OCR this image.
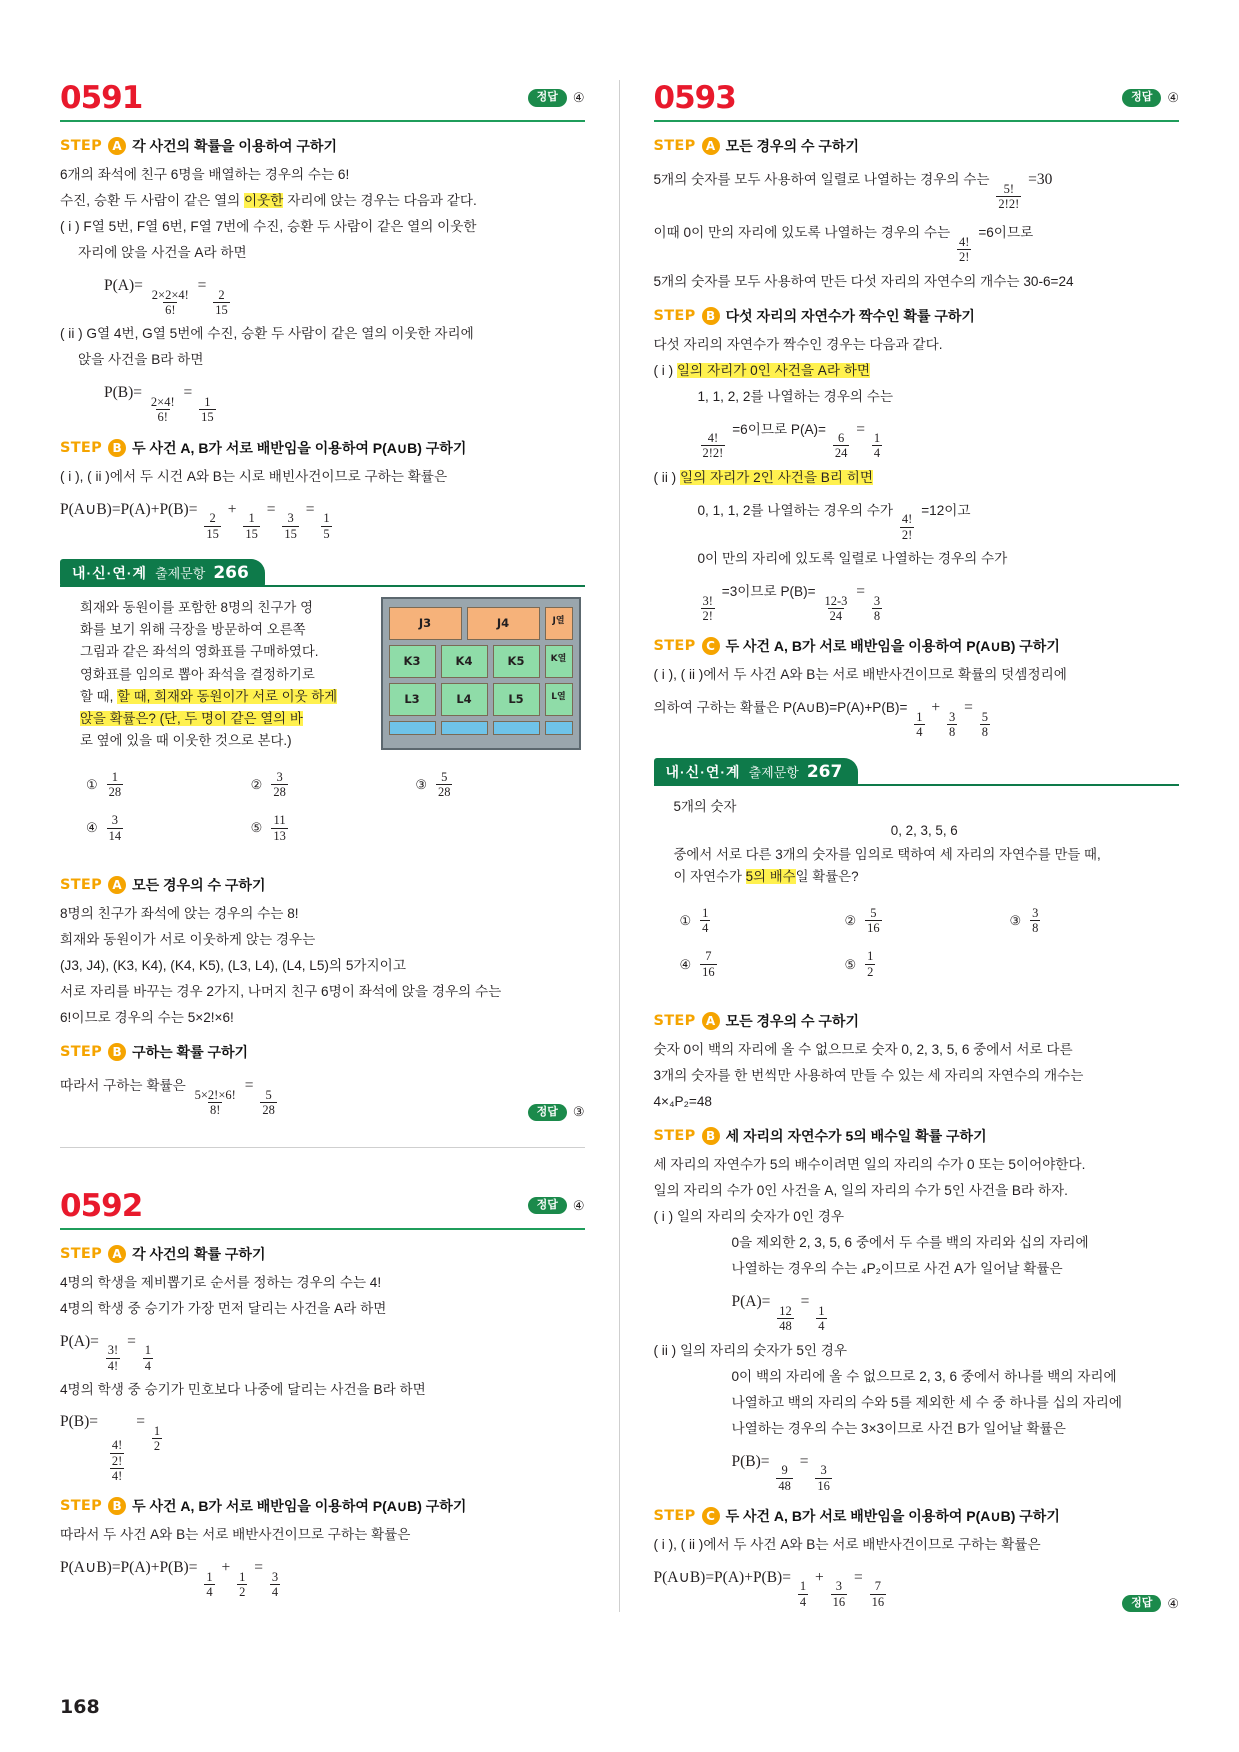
0591	정답	④
STEP A 각 사건의 확률을 이용하여 구하기

6개의 좌석에 친구 6명을 배열하는 경우의 수는 6!

수진, 승환 두 사람이 같은 열의 이웃한 자리에 앉는 경우는 다음과 같다.

( i ) F열 5번, F열 6번, F열 7번에 수진, 승환 두 사람이 같은 열의 이웃한

자리에 앉을 사건을 A라 하면

P(A)=
$\frac{2\times 2\times 4!}{6!}$
=
$\frac{2}{15}$

( ii ) G열 4번, G열 5번에 수진, 승환 두 사람이 같은 열의 이웃한 자리에

앉을 사건을 B라 하면

P(B)=
$\frac{2\times 4!}{6!}$
=
$\frac{1}{15}$
STEP B 두 사건 A, B가 서로 배반임을 이용하여 P(A∪B) 구하기

( i ), ( ii )에서 두 시건 A와 B는 시로 배빈사건이므로 구하는 확률은

P(A∪B)=P(A)+P(B)=
$\frac{2}{15}$
+
$\frac{1}{15}$
=
$\frac{3}{15}$
=
$\frac{1}{5}$
내·신·연·계 출제문항 266
희재와 동원이를 포함한 8명의 친구가 영
화를 보기 위해 극장을 방문하여 오른쪽
그림과 같은 좌석의 영화표를 구매하였다.
영화표를 임의로 뽑아 좌석을 결정하기로
할 때, 할 때, 희재와 동원이가 서로 이웃 하게
앉을 확률은? (단, 두 명이 같은 열의 바
로 옆에 있을 때 이웃한 것으로 본다.)
J3	J4	J열
K3	K4	K5	K열
L3	L4	L5	L열
① $\frac{1}{28}$	② $\frac{3}{28}$	③ $\frac{5}{28}$
④ $\frac{3}{14}$	⑤ $\frac{11}{13}$
STEP A 모든 경우의 수 구하기

8명의 친구가 좌석에 앉는 경우의 수는 8!

희재와 동원이가 서로 이웃하게 앉는 경우는

(J3, J4), (K3, K4), (K4, K5), (L3, L4), (L4, L5)의 5가지이고

서로 자리를 바꾸는 경우 2가지, 나머지 친구 6명이 좌석에 앉을 경우의 수는

6!이므로 경우의 수는 5×2!×6!

STEP B 구하는 확률 구하기
따라서 구하는 확률은
$\frac{5\times 2!\times 6!}{8!}$
=
$\frac{5}{28}$	정답	③
0592	정답	④
STEP A 각 사건의 확률 구하기

4명의 학생을 제비뽑기로 순서를 정하는 경우의 수는 4!

4명의 학생 중 승기가 가장 먼저 달리는 사건을 A라 하면

P(A)=
$\frac{3!}{4!}$
=
$\frac{1}{4}$

4명의 학생 중 승기가 민호보다 나중에 달리는 사건을 B라 하면

P(B)=
$\frac{\frac{4!}{2!}}{4!}$
=
$\frac{1}{2}$
STEP B 두 사건 A, B가 서로 배반임을 이용하여 P(A∪B) 구하기

따라서 두 사건 A와 B는 서로 배반사건이므로 구하는 확률은

P(A∪B)=P(A)+P(B)=
$\frac{1}{4}$
+
$\frac{1}{2}$
=
$\frac{3}{4}$
0593	정답	④
STEP A 모든 경우의 수 구하기
5개의 숫자를 모두 사용하여 일렬로 나열하는 경우의 수는
$\frac{5!}{2!2!}$
=30
이때 0이 만의 자리에 있도록 나열하는 경우의 수는
$\frac{4!}{2!}$
=6이므로

5개의 숫자를 모두 사용하여 만든 다섯 자리의 자연수의 개수는 30-6=24

STEP B 다섯 자리의 자연수가 짝수인 확률 구하기

다섯 자리의 자연수가 짝수인 경우는 다음과 같다.

( i ) 일의 자리가 0인 사건을 A라 하면

1, 1, 2, 2를 나열하는 경우의 수는

$\frac{4!}{2!2!}$
=6이므로 P(A)=
$\frac{6}{24}$
=
$\frac{1}{4}$

( ii ) 일의 자리가 2인 사건을 B리 히면

0, 1, 1, 2를 나열하는 경우의 수가
$\frac{4!}{2!}$
=12이고

0이 만의 자리에 있도록 일렬로 나열하는 경우의 수가

$\frac{3!}{2!}$
=3이므로 P(B)=
$\frac{12-3}{24}$
=
$\frac{3}{8}$
STEP C 두 사건 A, B가 서로 배반임을 이용하여 P(A∪B) 구하기

( i ), ( ii )에서 두 사건 A와 B는 서로 배반사건이므로 확률의 덧셈정리에

의하여 구하는 확률은 P(A∪B)=P(A)+P(B)=
$\frac{1}{4}$
+
$\frac{3}{8}$
=
$\frac{5}{8}$
내·신·연·계 출제문항 267
5개의 숫자
0, 2, 3, 5, 6
중에서 서로 다른 3개의 숫자를 임의로 택하여 세 자리의 자연수를 만들 때,
이 자연수가 5의 배수일 확률은?
① $\frac{1}{4}$	② $\frac{5}{16}$	③ $\frac{3}{8}$
④ $\frac{7}{16}$	⑤ $\frac{1}{2}$
STEP A 모든 경우의 수 구하기

숫자 0이 백의 자리에 올 수 없으므로 숫자 0, 2, 3, 5, 6 중에서 서로 다른

3개의 숫자를 한 번씩만 사용하여 만들 수 있는 세 자리의 자연수의 개수는

4×₄P₂=48

STEP B 세 자리의 자연수가 5의 배수일 확률 구하기

세 자리의 자연수가 5의 배수이려면 일의 자리의 수가 0 또는 5이어야한다.

일의 자리의 수가 0인 사건을 A, 일의 자리의 수가 5인 사건을 B라 하자.

( i ) 일의 자리의 숫자가 0인 경우

0을 제외한 2, 3, 5, 6 중에서 두 수를 백의 자리와 십의 자리에

나열하는 경우의 수는 ₄P₂이므로 사건 A가 일어날 확률은

P(A)=
$\frac{12}{48}$
=
$\frac{1}{4}$

( ii ) 일의 자리의 숫자가 5인 경우

0이 백의 자리에 올 수 없으므로 2, 3, 6 중에서 하나를 백의 자리에

나열하고 백의 자리의 수와 5를 제외한 세 수 중 하나를 십의 자리에

나열하는 경우의 수는 3×3이므로 사건 B가 일어날 확률은

P(B)=
$\frac{9}{48}$
=
$\frac{3}{16}$
STEP C 두 사건 A, B가 서로 배반임을 이용하여 P(A∪B) 구하기

( i ), ( ii )에서 두 사건 A와 B는 서로 배반사건이므로 구하는 확률은

P(A∪B)=P(A)+P(B)=
$\frac{1}{4}$
+
$\frac{3}{16}$
=
$\frac{7}{16}$	정답	④
168
